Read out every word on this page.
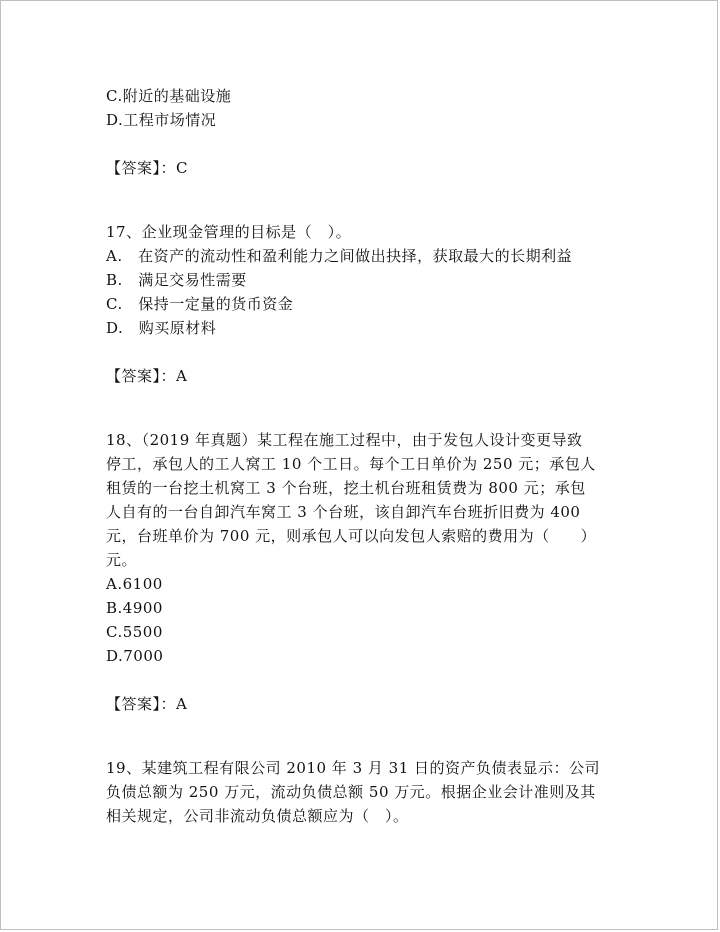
C.附近的基础设施
D.工程市场情况
【答案】：C
17、企业现金管理的目标是（　）。
A.　在资产的流动性和盈利能力之间做出抉择，获取最大的长期利益
B.　满足交易性需要
C.　保持一定量的货币资金
D.　购买原材料
【答案】：A
18、（2019 年真题）某工程在施工过程中，由于发包人设计变更导致
停工，承包人的工人窝工 10 个工日。每个工日单价为 250 元；承包人
租赁的一台挖土机窝工 3 个台班，挖土机台班租赁费为 800 元；承包
人自有的一台自卸汽车窝工 3 个台班，该自卸汽车台班折旧费为 400
元，台班单价为 700 元，则承包人可以向发包人索赔的费用为（　　）
元。
A.6100
B.4900
C.5500
D.7000
【答案】：A
19、某建筑工程有限公司 2010 年 3 月 31 日的资产负债表显示：公司
负债总额为 250 万元，流动负债总额 50 万元。根据企业会计准则及其
相关规定，公司非流动负债总额应为（　）。
